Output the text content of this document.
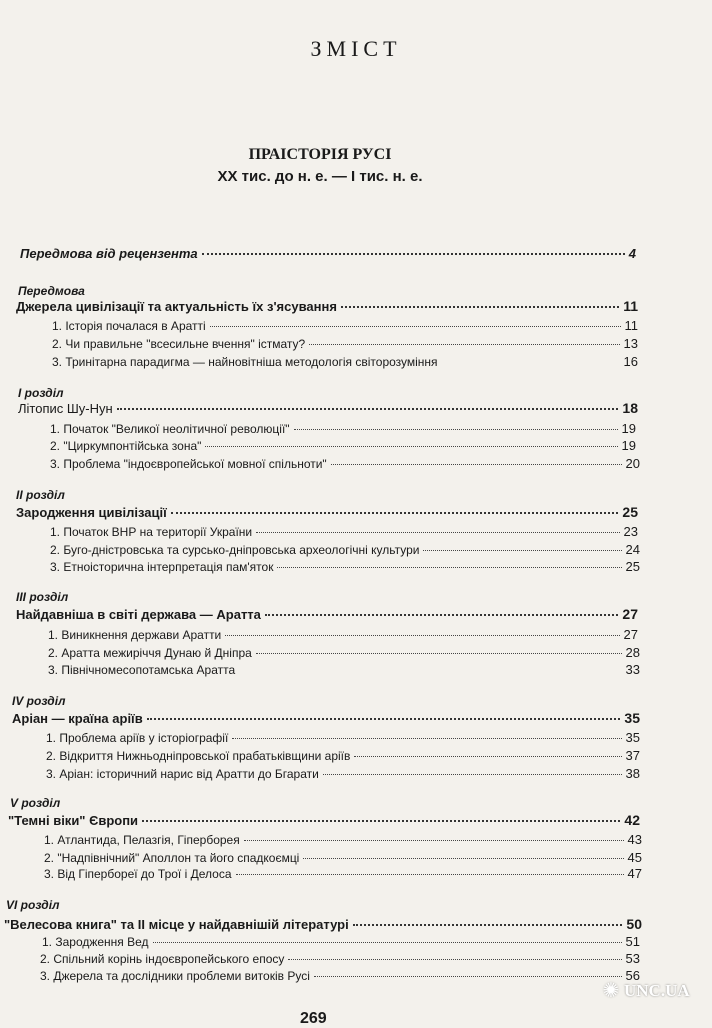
ЗМІСТ
ПРАІСТОРІЯ РУСІ
ХХ тис. до н. е. — І тис. н. е.
Передмова від рецензента	4
Передмова
Джерела цивілізації та актуальність їх з'ясування	11
1. Історія почалася в Аратті	11
2. Чи правильне "всесильне вчення" істмату?	13
3. Тринітарна парадигма — найновітніша методологія світорозуміння	16
І розділ
Літопис Шу-Нун	18
1. Початок "Великої неолітичної революції"	19
2. "Циркумпонтійська зона"	19
3. Проблема "індоєвропейської мовної спільноти"	20
ІІ розділ
Зародження цивілізації	25
1. Початок ВНР на території України	23
2. Буго-дністровська та сурсько-дніпровська археологічні культури	24
3. Етноісторична інтерпретація пам'яток	25
ІІІ розділ
Найдавніша в світі держава — Аратта	27
1. Виникнення держави Аратти	27
2. Аратта межиріччя Дунаю й Дніпра	28
3. Північномесопотамська Аратта	33
IV розділ
Аріан — країна аріїв	35
1. Проблема аріїв у історіографії	35
2. Відкриття Нижньодніпровської прабатьківщини аріїв	37
3. Аріан: історичний нарис від Аратти до Бгарати	38
V розділ
"Темні віки" Європи	42
1. Атлантида, Пелазгія, Гіперборея	43
2. "Надпівнічний" Аполлон та його спадкоємці	45
3. Від Гіпербореї до Трої і Делоса	47
VI розділ
"Велесова книга" та ІІ місце у найдавнішій літературі	50
1. Зародження Вед	51
2. Спільний корінь індоєвропейського епосу	53
3. Джерела та дослідники проблеми витоків Русі	56
269
✺ UNC.UA
